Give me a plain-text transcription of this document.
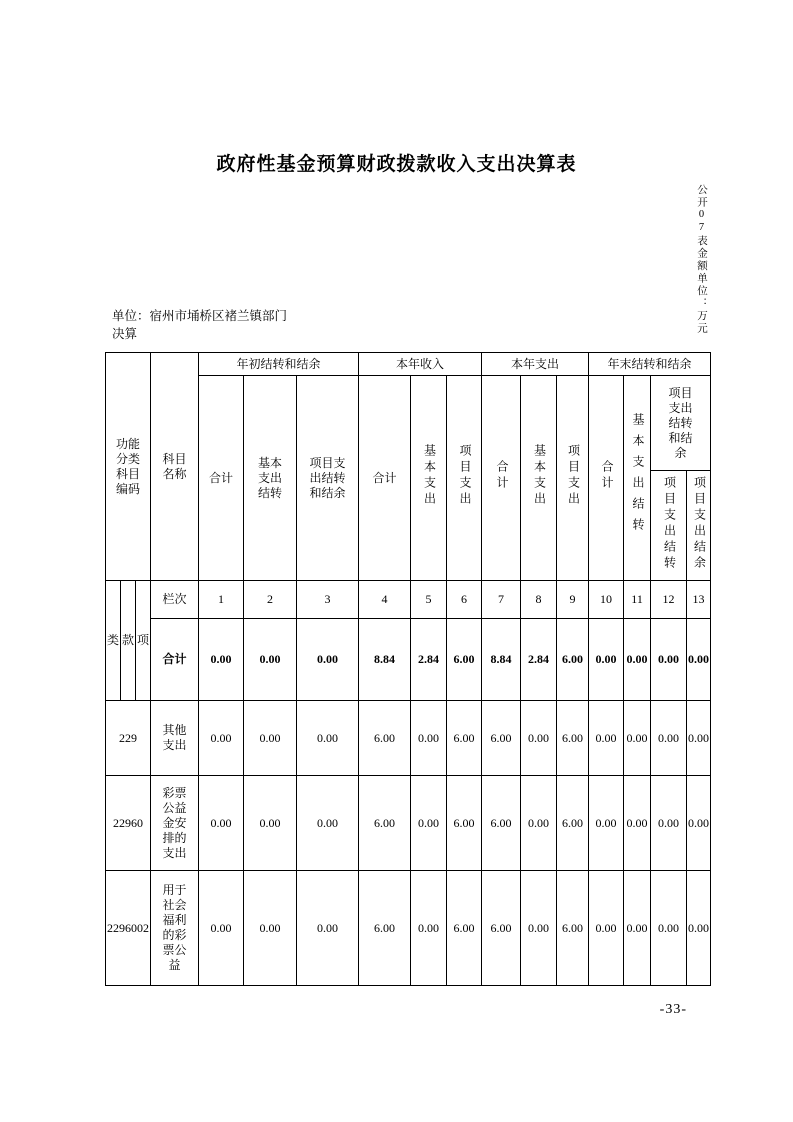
政府性基金预算财政拨款收入支出决算表
公开07表金额单位：万元
单位：宿州市埇桥区褚兰镇部门决算
功能分类科目编码			科目名称	年初结转和结余			本年收入			本年支出			年末结转和结余			
				合计	基本支出结转	项目支出结转和结余	合计	基本支出	项目支出	合计	基本支出	项目支出	合计	基本支出结转	项目支出结转和结余	
															项目支出结转	项目支出结余
类	款	项	栏次	1	2	3	4	5	6	7	8	9	10	11	12	13
			合计	0.00	0.00	0.00	8.84	2.84	6.00	8.84	2.84	6.00	0.00	0.00	0.00	0.00
229			其他支出	0.00	0.00	0.00	6.00	0.00	6.00	6.00	0.00	6.00	0.00	0.00	0.00	0.00
22960			彩票公益金安排的支出	0.00	0.00	0.00	6.00	0.00	6.00	6.00	0.00	6.00	0.00	0.00	0.00	0.00
2296002			用于社会福利的彩票公益	0.00	0.00	0.00	6.00	0.00	6.00	6.00	0.00	6.00	0.00	0.00	0.00	0.00
-33-
